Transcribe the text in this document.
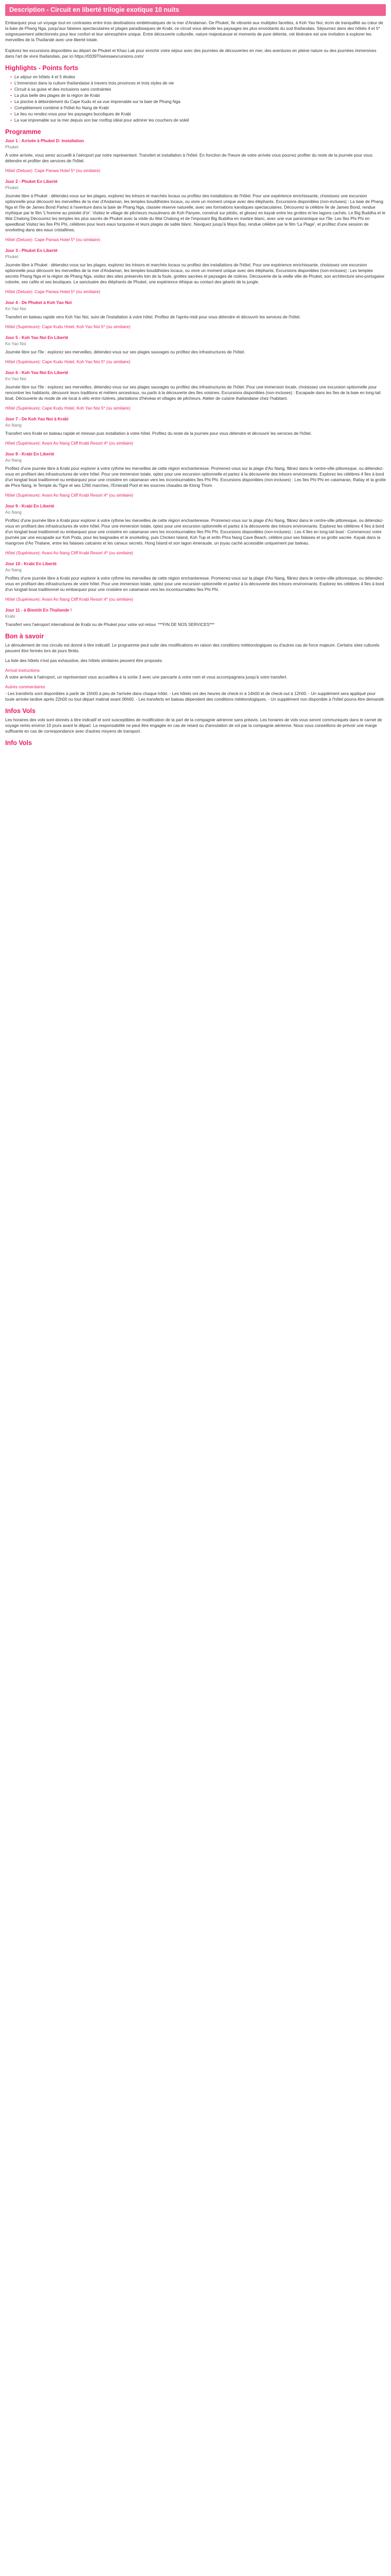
Description - Circuit en liberté trilogie exotique 10 nuits

Embarquez pour un voyage tout en contrastes entre trois destinations emblématiques de la mer d'Andaman. De Phuket, île vibrante aux multiples facettes, à Koh Yao Noi, écrin de tranquillité au cœur de la baie de Phang Nga, jusqu'aux falaises spectaculaires et plages paradisiaques de Krabi, ce circuit vous dévoile les paysages les plus envoûtants du sud thaïlandais. Séjournez dans des hôtels 4 et 5* soigneusement sélectionnés pour leur confort et leur atmosphère unique. Entre découverte culturelle, nature majestueuse et moments de pure détente, cet itinéraire est une invitation à explorer les merveilles de la Thaïlande avec une liberté totale.

Explorez les excursions disponibles au départ de Phuket et Khao Lak pour enrichir votre séjour avec des journées de découvertes en mer, des aventures en pleine nature ou des journées immersives dans l'art de vivre thaïlandais, par ici https://0039Thairesaexcursions.com/

Highlights - Points forts
• Le séjour en hôtels 4 et 5 étoiles
• L'immersion dans la culture thaïlandaise à travers trois provinces et trois styles de vie
• Circuit à sa guise et des inclusions sans contraintes
• La plus belle des plages de la région de Krabi
• La piscine à débordement du Cape Kudu et sa vue imprenable sur la baie de Phang Nga
• Complètement combiné à l'hôtel Ao Nang de Krabi
• Le lieu ou rendez-vous pour les paysages bucoliques de Krabi
• La vue imprenable sur la mer depuis son bar rooftop idéal pour admirer les couchers de soleil
Programme
Jour 1 : Arrivée à Phuket D: Installation
Phuket
À votre arrivée, vous serez accueilli à l'aéroport par notre représentant. Transfert et installation à l'hôtel. En fonction de l'heure de votre arrivée vous pourrez profiter du reste de la journée pour vous détendre et profiter des services de l'hôtel.
Hôtel (Deluxe): Cape Panwa Hotel 5* (ou similaire)
Jour 2 - Phuket En Liberté
Phuket
Journée libre à Phuket : détendez-vous sur les plages, explorez les trésors et marchés locaux ou profitez des installations de l'hôtel. Pour une expérience enrichissante, choisissez une excursion optionnelle pour découvrir les merveilles de la mer d'Andaman, les temples bouddhistes locaux, ou vivre un moment unique avec des éléphants. Excursions disponibles (non-incluses) : La baie de Phang Nga et l'île de James Bond Partez à l'aventure dans la baie de Phang Nga, classée réserve naturelle, avec ses formations karstiques spectaculaires. Découvrez la célèbre île de James Bond, rendue mythique par le film 'L'homme au pistolet d'or'. Visitez le village de pêcheurs musulmans de Koh Panyee, construit sur pilotis, et glissez en kayak entre les grottes et les lagons cachés. Le Big Buddha et le Wat Chalong Découvrez les temples les plus sacrés de Phuket avec la visite du Wat Chalong et de l'imposant Big Buddha en marbre blanc, avec une vue panoramique sur l'île. Les îles Phi Phi en speedboat Visitez les îles Phi Phi, célèbres pour leurs eaux turquoise et leurs plages de sable blanc. Naviguez jusqu'à Maya Bay, rendue célèbre par le film 'La Plage', et profitez d'une session de snorkeling dans des eaux cristallines.
Hôtel (Deluxe): Cape Panwa Hotel 5* (ou similaire)
Jour 3 - Phuket En Liberté
Phuket
Journée libre à Phuket : détendez-vous sur les plages, explorez les trésors et marchés locaux ou profitez des installations de l'hôtel. Pour une expérience enrichissante, choisissez une excursion optionnelle pour découvrir les merveilles de la mer d'Andaman, les temples bouddhistes locaux, ou vivre un moment unique avec des éléphants. Excursions disponibles (non-incluses) : Les temples secrets Phang Nga et la région de Phang Nga, visitez des sites préservés loin de la foule, grottes sacrées et paysages de rizières. Découverte de la vieille ville de Phuket, son architecture sino-portugaise colorée, ses cafés et ses boutiques. Le sanctuaire des éléphants de Phuket, une expérience éthique au contact des géants de la jungle.
Hôtel (Deluxe): Cape Panwa Hotel 5* (ou similaire)
Jour 4 - De Phuket à Koh Yao Noi
Ko Yao Noi
Transfert en bateau rapide vers Koh Yao Noi, suivi de l'installation à votre hôtel. Profitez de l'après-midi pour vous détendre et découvrir les services de l'hôtel.
Hôtel (Supérieure): Cape Kudu Hotel, Koh Yao Noi 5* (ou similaire)
Jour 5 - Koh Yao Noi En Liberté
Ko Yao Noi
Journée libre sur l'île : explorez ses merveilles, détendez-vous sur ses plages sauvages ou profitez des infrastructures de l'hôtel.
Hôtel (Supérieure): Cape Kudu Hotel, Koh Yao Noi 5* (ou similaire)
Jour 6 - Koh Yao Noi En Liberté
Ko Yao Noi
Journée libre sur l'île : explorez ses merveilles, détendez-vous sur ses plages sauvages ou profitez des infrastructures de l'hôtel. Pour une immersion locale, choisissez une excursion optionnelle pour rencontrer les habitants, découvrir leurs traditions et métiers ancestraux, ou partir à la découverte des îles voisines. Excursions disponibles (non-incluses) : Escapade dans les îles de la baie en long-tail boat. Découverte du mode de vie local à vélo entre rizières, plantations d'hévéas et villages de pêcheurs. Atelier de cuisine thaïlandaise chez l'habitant.
Hôtel (Supérieure): Cape Kudu Hotel, Koh Yao Noi 5* (ou similaire)
Jour 7 - De Koh Yao Noi à Krabi
Ao Nang
Transfert vers Krabi en bateau rapide et minivan puis installation à votre hôtel. Profitez du reste de la journée pour vous détendre et découvrir les services de l'hôtel.
Hôtel (Supérieure): Avani Ao Nang Cliff Krabi Resort 4* (ou similaire)
Jour 8 - Krabi En Liberté
Ao Nang
Profitez d'une journée libre à Krabi pour explorer à votre rythme les merveilles de cette région enchanteresse. Promenez-vous sur la plage d'Ao Nang, flânez dans le centre-ville pittoresque, ou détendez-vous en profitant des infrastructures de votre hôtel. Pour une immersion totale, optez pour une excursion optionnelle et partez à la découverte des trésors environnants. Explorez les célèbres 4 îles à bord d'un longtail boat traditionnel ou embarquez pour une croisière en catamaran vers les incontournables îles Phi Phi. Excursions disponibles (non-incluses) : Les îles Phi Phi en catamaran, Railay et la grotte de Phra Nang, le Temple du Tigre et ses 1260 marches, l'Emerald Pool et les sources chaudes de Klong Thom.
Hôtel (Supérieure): Avani Ao Nang Cliff Krabi Resort 4* (ou similaire)
Jour 9 - Krabi En Liberté
Ao Nang
Profitez d'une journée libre à Krabi pour explorer à votre rythme les merveilles de cette région enchanteresse. Promenez-vous sur la plage d'Ao Nang, flânez dans le centre-ville pittoresque, ou détendez-vous en profitant des infrastructures de votre hôtel. Pour une immersion totale, optez pour une excursion optionnelle et partez à la découverte des trésors environnants. Explorez les célèbres 4 îles à bord d'un longtail boat traditionnel ou embarquez pour une croisière en catamaran vers les incontournables îles Phi Phi. Excursions disponibles (non-incluses) : Les 4 îles en long-tail boat : Commencez votre journée par une escapade sur Koh Poda, pour les baignades et le snorkeling, puis Chicken Island, Koh Tup et enfin Phra Nang Cave Beach, célèbre pour ses falaises et sa grotte sacrée. Kayak dans la mangrove d'Ao Thalane, entre les falaises calcaires et les canaux secrets. Hong Island et son lagon émeraude, un joyau caché accessible uniquement par bateau.
Hôtel (Supérieure): Avani Ao Nang Cliff Krabi Resort 4* (ou similaire)
Jour 10 - Krabi En Liberté
Ao Nang
Profitez d'une journée libre à Krabi pour explorer à votre rythme les merveilles de cette région enchanteresse. Promenez-vous sur la plage d'Ao Nang, flânez dans le centre-ville pittoresque, ou détendez-vous en profitant des infrastructures de votre hôtel. Pour une immersion totale, optez pour une excursion optionnelle et partez à la découverte des trésors environnants. Explorez les célèbres 4 îles à bord d'un longtail boat traditionnel ou embarquez pour une croisière en catamaran vers les incontournables îles Phi Phi.
Hôtel (Supérieure): Avani Ao Nang Cliff Krabi Resort 4* (ou similaire)
Jour 11 - à Bientôt En Thaïlande !
Krabi
Transfert vers l'aéroport international de Krabi ou de Phuket pour votre vol retour. ***FIN DE NOS SERVICES***
Bon à savoir

Le déroulement de nos circuits est donné à titre indicatif. Le programme peut subir des modifications en raison des conditions météorologiques ou d'autres cas de force majeure. Certains sites culturels peuvent être fermés lors de jours fériés.

La liste des hôtels n'est pas exhaustive, des hôtels similaires peuvent être proposés.

Arrival instructions

À votre arrivée à l'aéroport, un représentant vous accueillera à la sortie 3 avec une pancarte à votre nom et vous accompagnera jusqu'à votre transfert.

Autres commentaires

- Les transferts sont disponibles à partir de 15h00 à peu de l'arrivée dans chaque hôtel. - Les hôtels ont des heures de check-in à 14h00 et de check-out à 12h00. - Un supplément sera appliqué pour toute arrivée tardive après 22h00 ou tout départ matinal avant 06h00. - Les transferts en bateau dépendent des conditions météorologiques. - Un supplément non disponible à l'hôtel pourra être demandé.

Infos Vols

Les horaires des vols sont donnés à titre indicatif et sont susceptibles de modification de la part de la compagnie aérienne sans préavis. Les horaires de vols vous seront communiqués dans le carnet de voyage remis environ 10 jours avant le départ. La responsabilité ne peut être engagée en cas de retard ou d'annulation de vol par la compagnie aérienne. Nous vous conseillons de prévoir une marge suffisante en cas de correspondance avec d'autres moyens de transport.

Info Vols
